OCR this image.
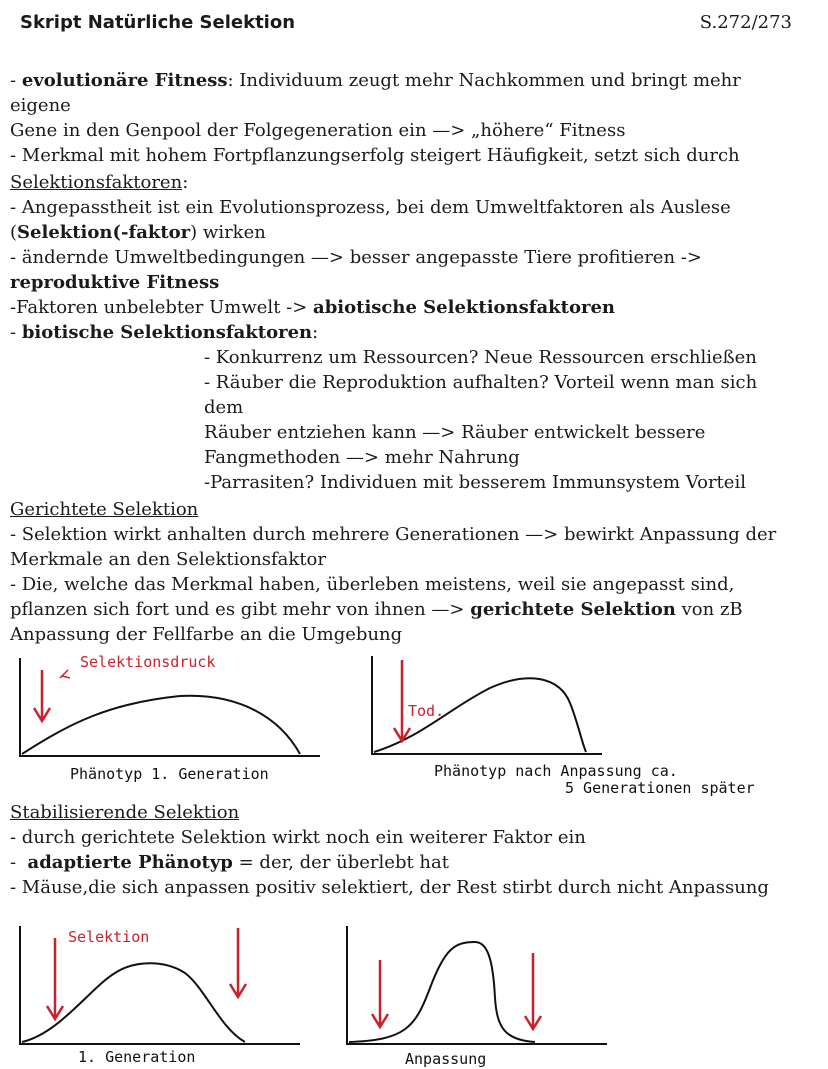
Skript Natürliche Selektion	S.272/273

- evolutionäre Fitness: Individuum zeugt mehr Nachkommen und bringt mehr eigene

Gene in den Genpool der Folgegeneration ein —> „höhere“ Fitness

- Merkmal mit hohem Fortpflanzungserfolg steigert Häufigkeit, setzt sich durch

Selektionsfaktoren:

- Angepasstheit ist ein Evolutionsprozess, bei dem Umweltfaktoren als Auslese

(Selektion(-faktor) wirken

- ändernde Umweltbedingungen —> besser angepasste Tiere profitieren ->

reproduktive Fitness

-Faktoren unbelebter Umwelt -> abiotische Selektionsfaktoren

- biotische Selektionsfaktoren:

- Konkurrenz um Ressourcen? Neue Ressourcen erschließen

- Räuber die Reproduktion aufhalten? Vorteil wenn man sich dem

Räuber entziehen kann —> Räuber entwickelt bessere

Fangmethoden —> mehr Nahrung

-Parrasiten? Individuen mit besserem Immunsystem Vorteil

Gerichtete Selektion

- Selektion wirkt anhalten durch mehrere Generationen —> bewirkt Anpassung der

Merkmale an den Selektionsfaktor

- Die, welche das Merkmal haben, überleben meistens, weil sie angepasst sind,

pflanzen sich fort und es gibt mehr von ihnen —> gerichtete Selektion von zB

Anpassung der Fellfarbe an die Umgebung

Selektionsdruck
Phänotyp 1. Generation
Tod.
Phänotyp nach Anpassung ca.
5 Generationen später

Stabilisierende Selektion

- durch gerichtete Selektion wirkt noch ein weiterer Faktor ein

-  adaptierte Phänotyp = der, der überlebt hat

- Mäuse,die sich anpassen positiv selektiert, der Rest stirbt durch nicht Anpassung

Selektion
1. Generation	Anpassung
